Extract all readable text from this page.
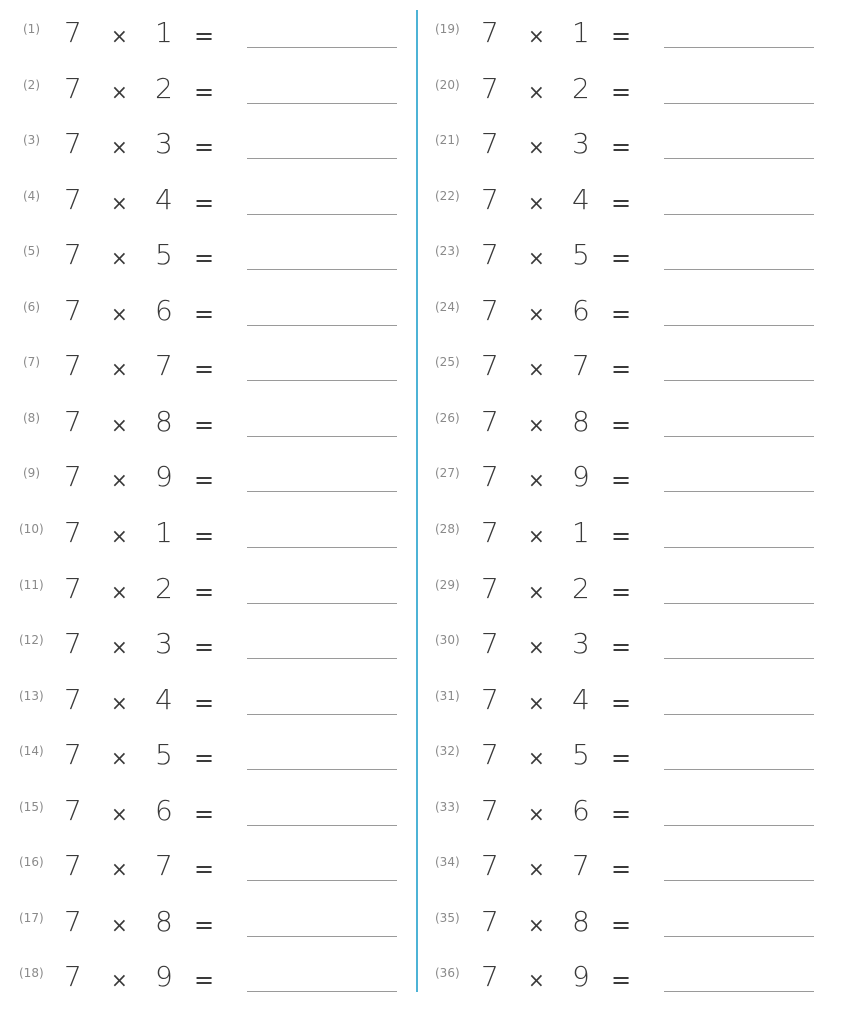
(1) 7 × 1 =
(2) 7 × 2 =
(3) 7 × 3 =
(4) 7 × 4 =
(5) 7 × 5 =
(6) 7 × 6 =
(7) 7 × 7 =
(8) 7 × 8 =
(9) 7 × 9 =
(10) 7 × 1 =
(11) 7 × 2 =
(12) 7 × 3 =
(13) 7 × 4 =
(14) 7 × 5 =
(15) 7 × 6 =
(16) 7 × 7 =
(17) 7 × 8 =
(18) 7 × 9 =
(19) 7 × 1 =
(20) 7 × 2 =
(21) 7 × 3 =
(22) 7 × 4 =
(23) 7 × 5 =
(24) 7 × 6 =
(25) 7 × 7 =
(26) 7 × 8 =
(27) 7 × 9 =
(28) 7 × 1 =
(29) 7 × 2 =
(30) 7 × 3 =
(31) 7 × 4 =
(32) 7 × 5 =
(33) 7 × 6 =
(34) 7 × 7 =
(35) 7 × 8 =
(36) 7 × 9 =
